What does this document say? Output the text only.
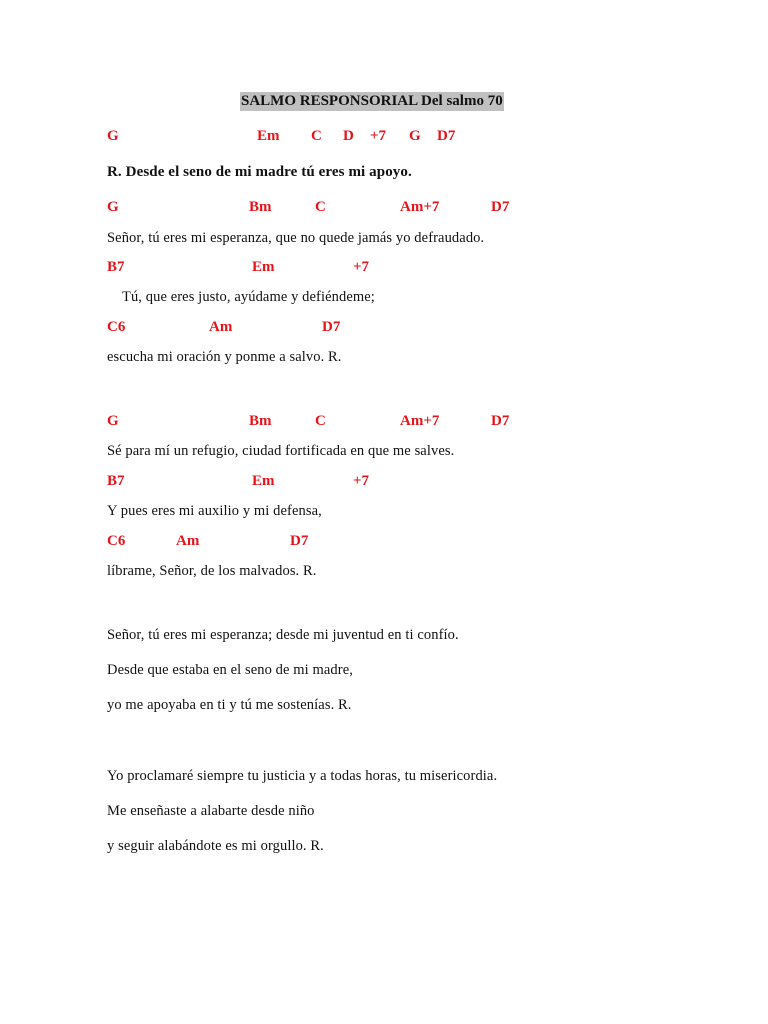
SALMO RESPONSORIAL Del salmo 70
G	Em C D +7 G D7
R. Desde el seno de mi madre tú eres mi apoyo.
G	Bm	C	Am+7	D7
Señor, tú eres mi esperanza, que no quede jamás yo defraudado.
B7	Em	+7
Tú, que eres justo, ayúdame y defiéndeme;
C6	Am	D7
escucha mi oración y ponme a salvo. R.
G	Bm	C	Am+7	D7
Sé para mí un refugio, ciudad fortificada en que me salves.
B7	Em	+7
Y pues eres mi auxilio y mi defensa,
C6	Am	D7
líbrame, Señor, de los malvados. R.
Señor, tú eres mi esperanza; desde mi juventud en ti confío.
Desde que estaba en el seno de mi madre,
yo me apoyaba en ti y tú me sostenías. R.
Yo proclamaré siempre tu justicia y a todas horas, tu misericordia.
Me enseñaste a alabarte desde niño
y seguir alabándote es mi orgullo. R.
